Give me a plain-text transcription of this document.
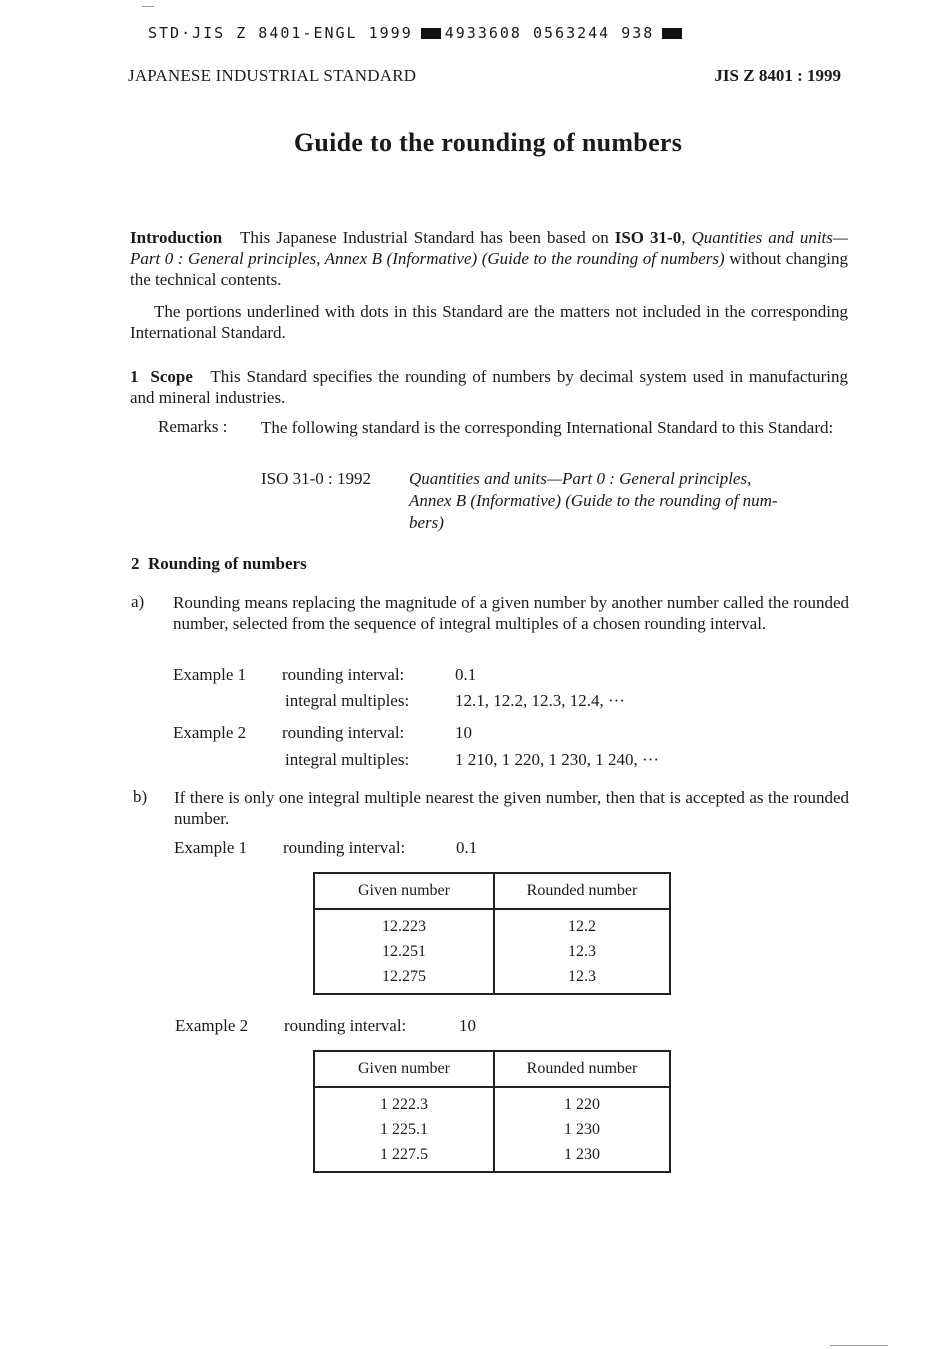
STD·JIS Z 8401-ENGL 1999 4933608 0563244 938
JAPANESE INDUSTRIAL STANDARD	JIS Z 8401 : 1999
Guide to the rounding of numbers
Introduction This Japanese Industrial Standard has been based on ISO 31-0, Quantities and units—Part 0 : General principles, Annex B (Informative) (Guide to the rounding of numbers) without changing the technical contents.
The portions underlined with dots in this Standard are the matters not included in the corresponding International Standard.
1 Scope This Standard specifies the rounding of numbers by decimal system used in manufacturing and mineral industries.
Remarks : The following standard is the corresponding International Standard to this Standard:
ISO 31-0 : 1992 Quantities and units—Part 0 : General principles,
Annex B (Informative) (Guide to the rounding of num-
bers)
2 Rounding of numbers
a) Rounding means replacing the magnitude of a given number by another number called the rounded number, selected from the sequence of integral multiples of a chosen rounding interval.
Example 1 rounding interval:	0.1
integral multiples:	12.1, 12.2, 12.3, 12.4, ···
Example 2 rounding interval:	10
integral multiples:	1 210, 1 220, 1 230, 1 240, ···
b) If there is only one integral multiple nearest the given number, then that is accepted as the rounded number.
Example 1 rounding interval:	0.1
Given number	Rounded number
12.223	12.2
12.251	12.3
12.275	12.3
Example 2 rounding interval:	10
Given number	Rounded number
1 222.3	1 220
1 225.1	1 230
1 227.5	1 230
